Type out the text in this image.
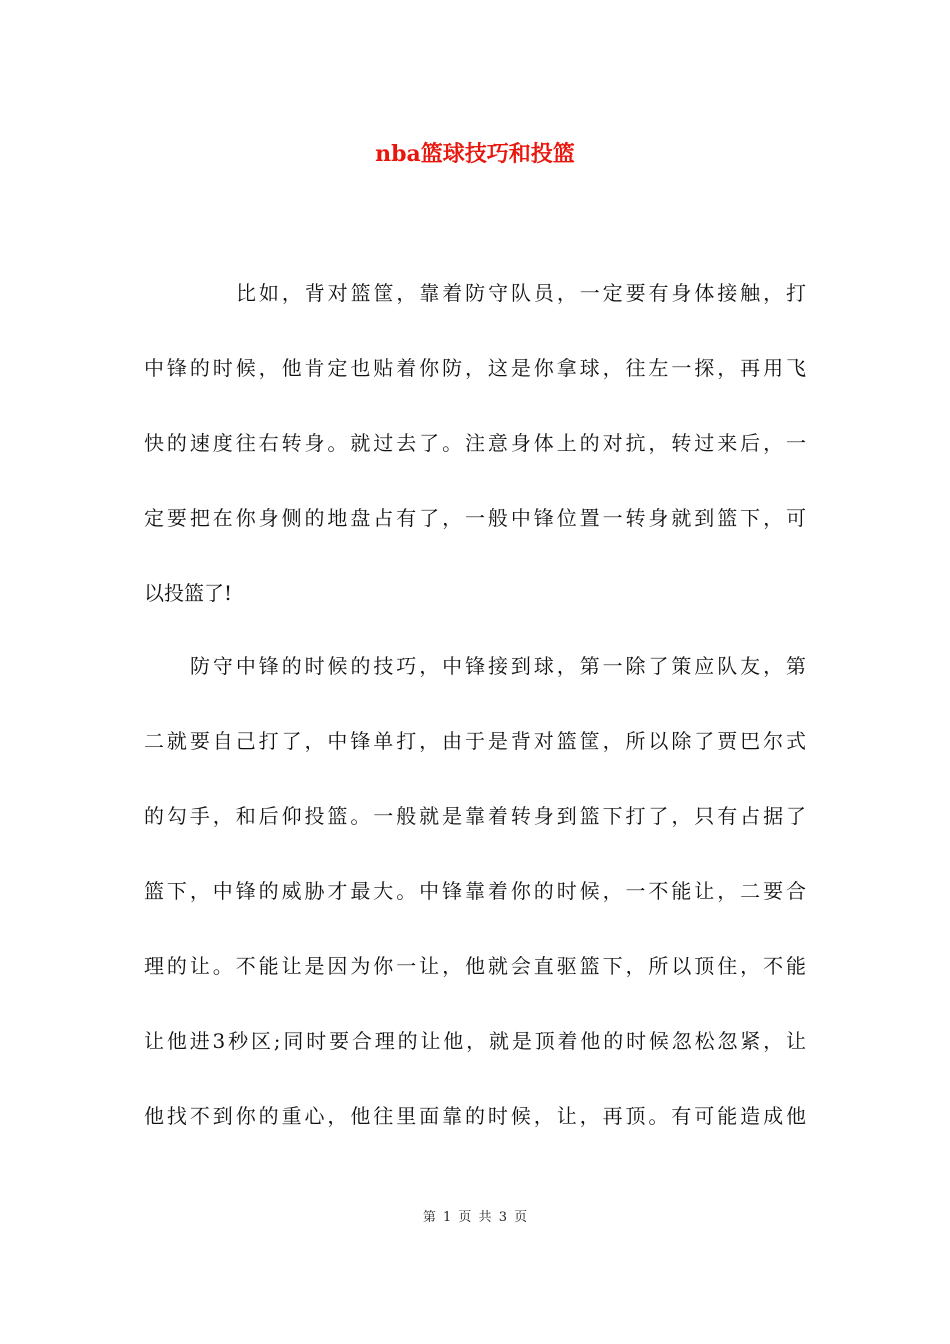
nba篮球技巧和投篮
比如，背对篮筐，靠着防守队员，一定要有身体接触，打
中锋的时候，他肯定也贴着你防，这是你拿球，往左一探，再用飞
快的速度往右转身。就过去了。注意身体上的对抗，转过来后，一
定要把在你身侧的地盘占有了，一般中锋位置一转身就到篮下，可
以投篮了!
防守中锋的时候的技巧，中锋接到球，第一除了策应队友，第
二就要自己打了，中锋单打，由于是背对篮筐，所以除了贾巴尔式
的勾手，和后仰投篮。一般就是靠着转身到篮下打了，只有占据了
篮下，中锋的威胁才最大。中锋靠着你的时候，一不能让，二要合
理的让。不能让是因为你一让，他就会直驱篮下，所以顶住，不能
让他进3秒区;同时要合理的让他，就是顶着他的时候忽松忽紧，让
他找不到你的重心，他往里面靠的时候，让，再顶。有可能造成他
第 1 页 共 3 页
